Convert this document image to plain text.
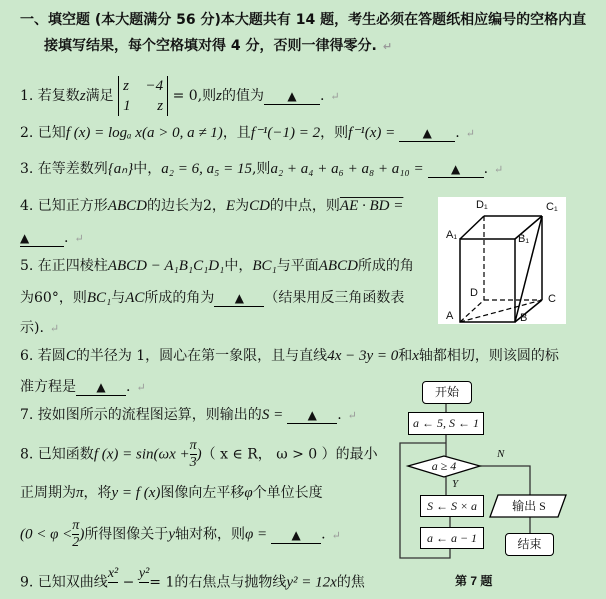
一、填空题 (本大题满分 56 分)本大题共有 14 题，考生必须在答题纸相应编号的空格内直
接填写结果，每个空格填对得 4 分，否则一律得零分. ↵
1. 若复数z满足
z −4
1 z
= 0,则z的值为 ▲ . ↵
2. 已知f (x) = logₐ x(a > 0, a ≠ 1)，且f⁻¹(−1) = 2，则f⁻¹(x) = ▲ . ↵
3. 在等差数列{aₙ}中，a₂ = 6, a₅ = 15,则a₂ + a₄ + a₆ + a₈ + a₁₀ = ▲ . ↵
4. 已知正方形ABCD的边长为2，E为CD的中点，则AE · BD =
▲ . ↵
5. 在正四棱柱ABCD − A₁B₁C₁D₁中，BC₁与平面ABCD所成的角
为60°，则BC₁与AC所成的角为 ▲ （结果用反三角函数表
示). ↵
6. 若圆C的半径为 1，圆心在第一象限，且与直线4x − 3y = 0和x轴都相切，则该圆的标
准方程是 ▲ . ↵
7. 按如图所示的流程图运算，则输出的S = ▲ . ↵
8. 已知函数f $(x) = \sin(\omega x + \frac{\pi}{3}$ )（ x ∈ R， ω > 0 ）的最小
正周期为π，将y = f (x)图像向左平移φ个单位长度
($0 < \varphi < \frac{\pi}{2}$ )所得图像关于y轴对称，则φ = ▲ . ↵
9. 已知双曲线
x²

−
y²

= 1的右焦点与抛物线y² = 12x的焦
D₁	C₁
A₁	B₁
D	C
A	B
开始
a ← 5, S ← 1
a ≥ 4
Y
N
S ← S × a
a ← a − 1
输出 S
结束
第 7 题
